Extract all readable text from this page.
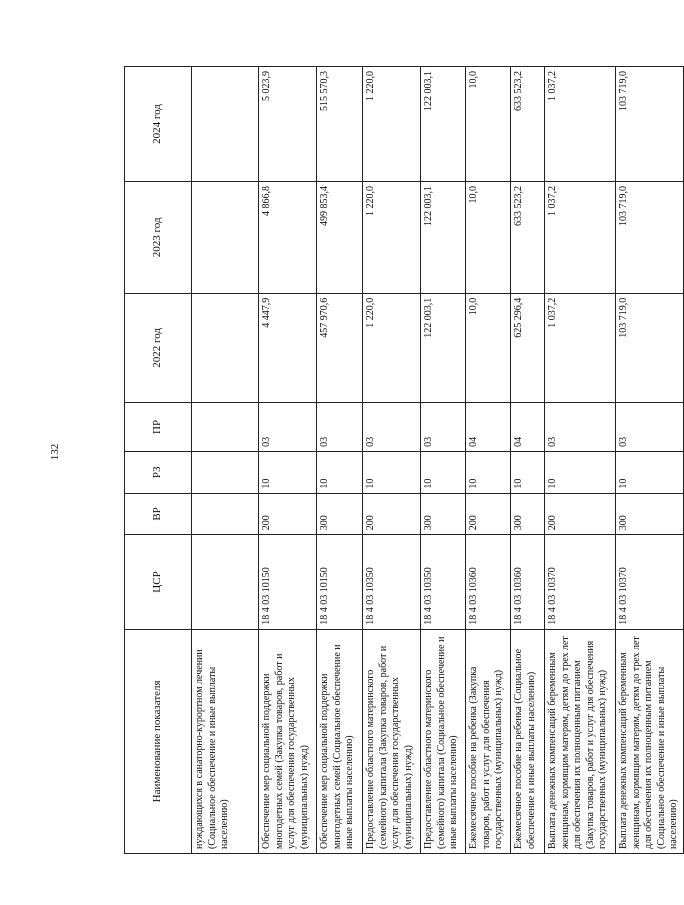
132
Наименование показателя	ЦСР	ВР	РЗ	ПР	2022 год	2023 год	2024 год
нуждающихся в санаторно-курортном лечении (Социальное обеспечение и иные выплаты населению)							
Обеспечение мер социальной поддержки многодетных семей (Закупка товаров, работ и услуг для обеспечения государственных (муниципальных) нужд)	18 4 03 10150	200	10	03	4 447,9	4 866,8	5 023,9
Обеспечение мер социальной поддержки многодетных семей (Социальное обеспечение и иные выплаты населению)	18 4 03 10150	300	10	03	457 970,6	499 853,4	515 570,3
Предоставление областного материнского (семейного) капитала (Закупка товаров, работ и услуг для обеспечения государственных (муниципальных) нужд)	18 4 03 10350	200	10	03	1 220,0	1 220,0	1 220,0
Предоставление областного материнского (семейного) капитала (Социальное обеспечение и иные выплаты населению)	18 4 03 10350	300	10	03	122 003,1	122 003,1	122 003,1
Ежемесячное пособие на ребенка (Закупка товаров, работ и услуг для обеспечения государственных (муниципальных) нужд)	18 4 03 10360	200	10	04	10,0	10,0	10,0
Ежемесячное пособие на ребенка (Социальное обеспечение и иные выплаты населению)	18 4 03 10360	300	10	04	625 296,4	633 523,2	633 523,2
Выплата денежных компенсаций беременным женщинам, кормящим матерям, детям до трех лет для обеспечения их полноценным питанием (Закупка товаров, работ и услуг для обеспечения государственных (муниципальных) нужд)	18 4 03 10370	200	10	03	1 037,2	1 037,2	1 037,2
Выплата денежных компенсаций беременным женщинам, кормящим матерям, детям до трех лет для обеспечения их полноценным питанием (Социальное обеспечение и иные выплаты населению)	18 4 03 10370	300	10	03	103 719,0	103 719,0	103 719,0
